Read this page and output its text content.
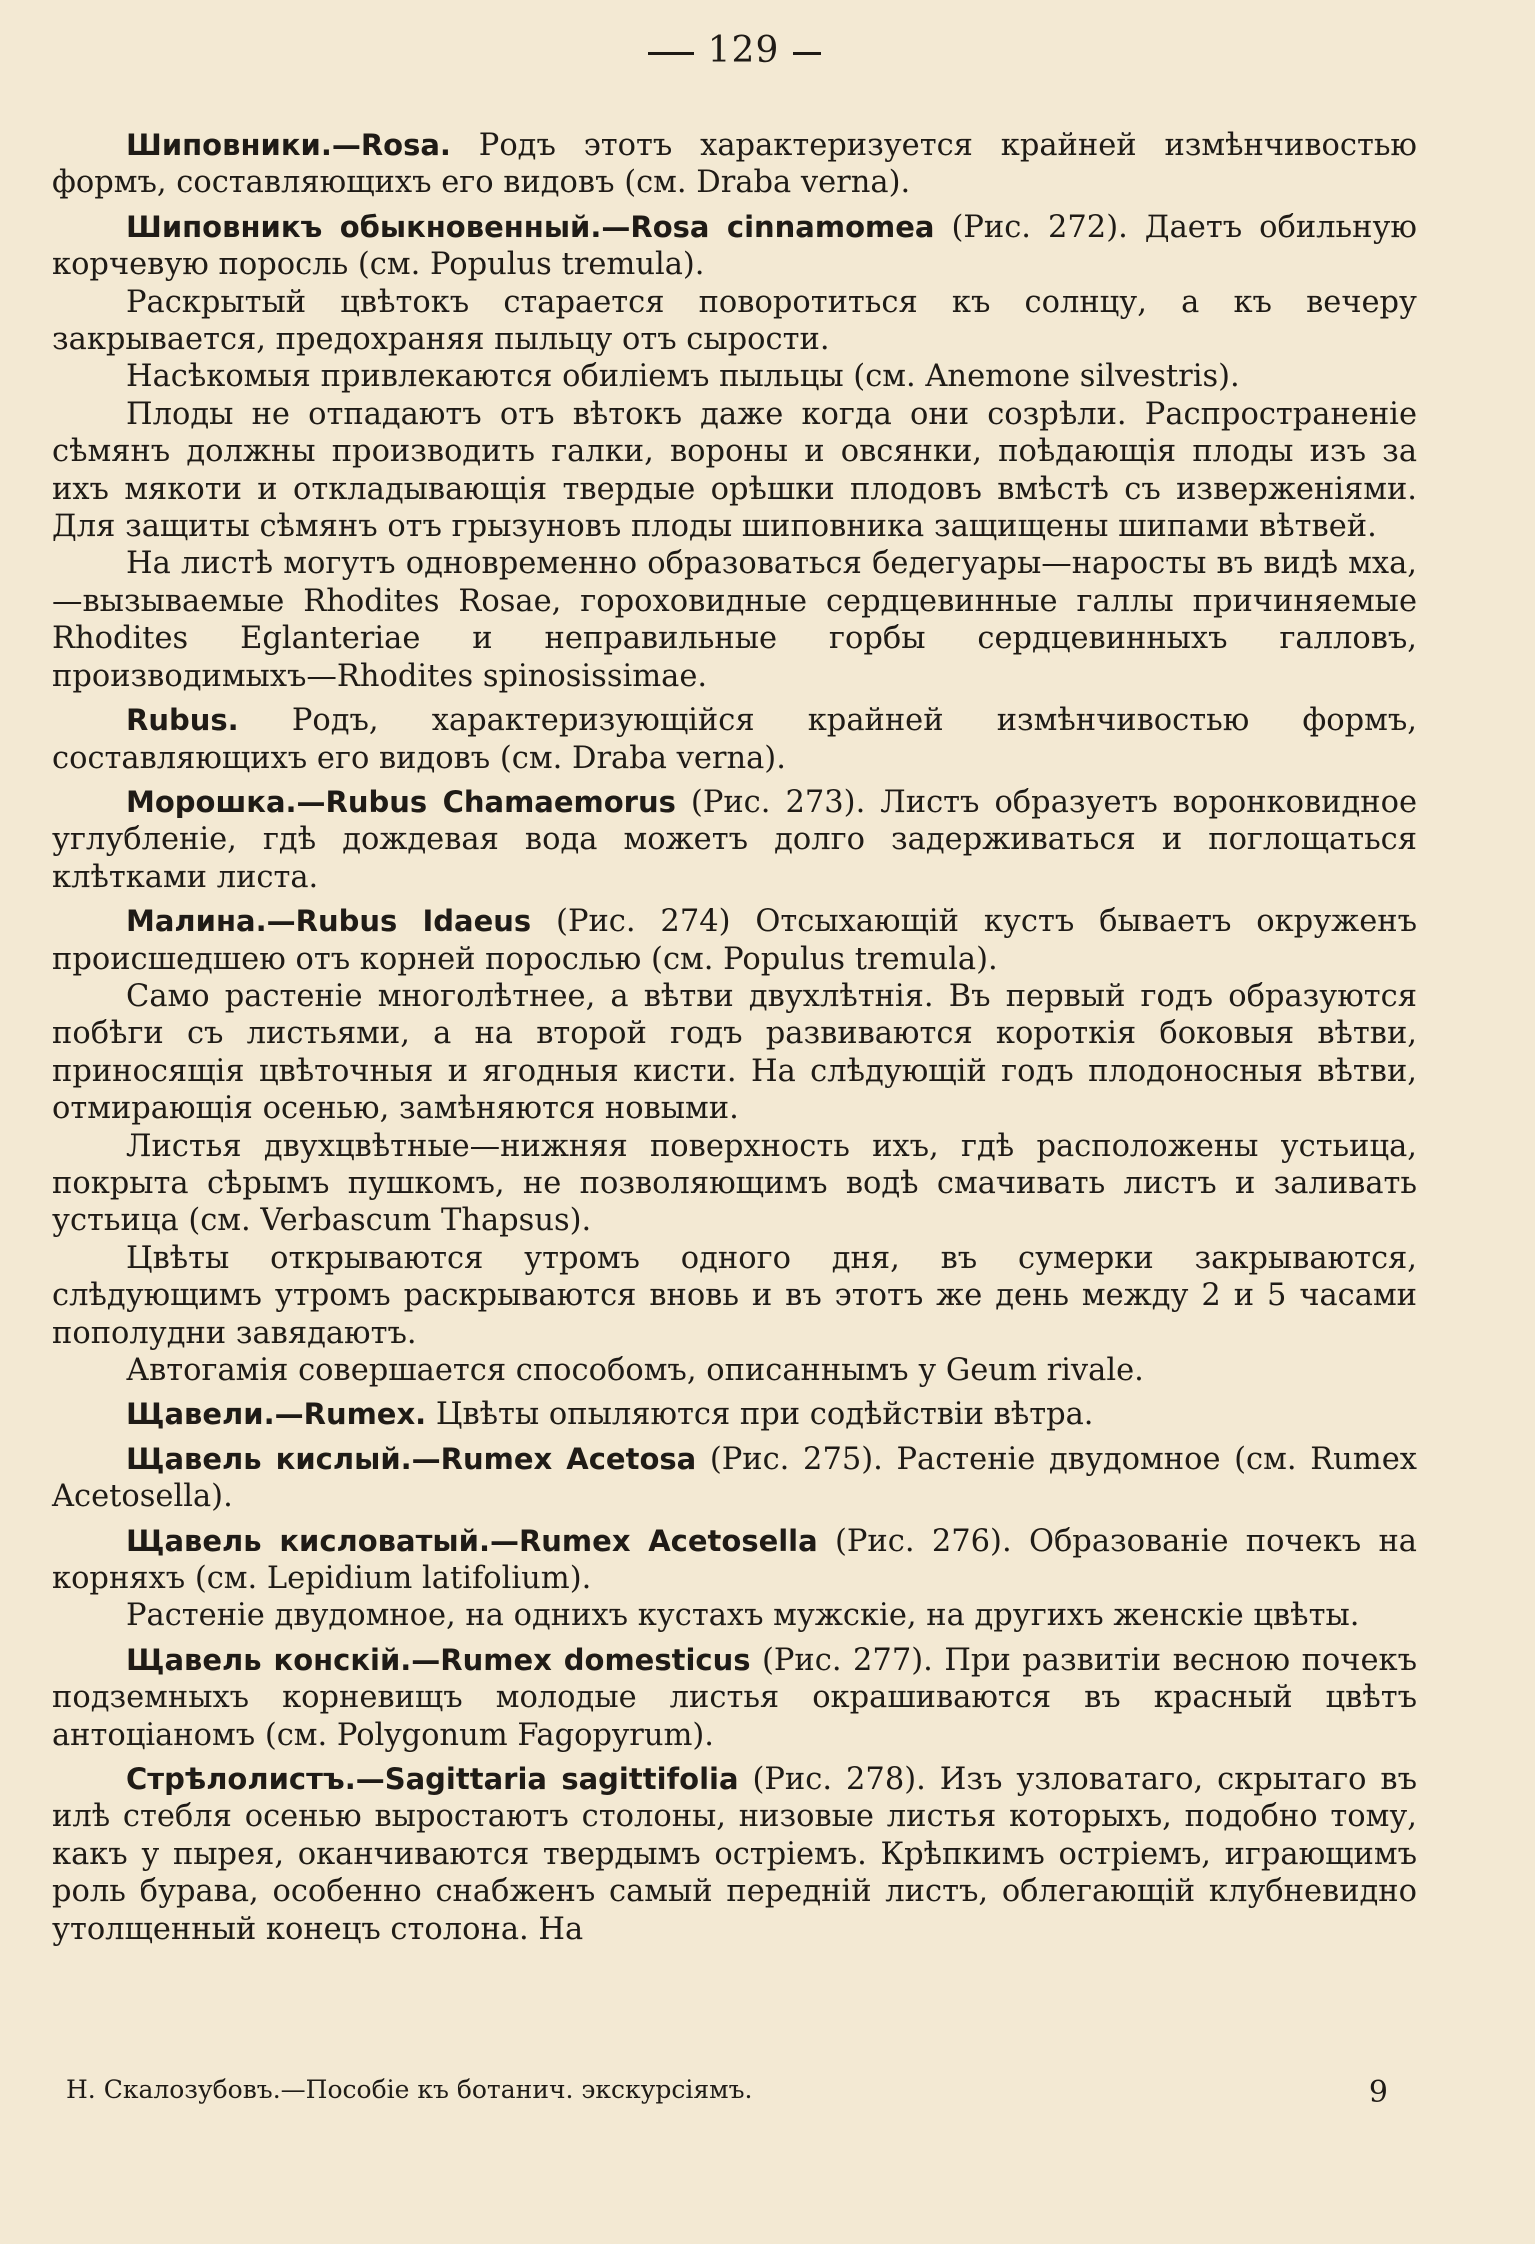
129

Шиповники.—Rosa. Родъ этотъ характеризуется крайней измѣнчивостью формъ, составляющихъ его видовъ (см. Draba verna).

Шиповникъ обыкновенный.—Rosa cinnamomea (Рис. 272). Даетъ обильную корчевую поросль (см. Populus tremula).

Раскрытый цвѣтокъ старается поворотиться къ солнцу, а къ вечеру закрывается, предохраняя пыльцу отъ сырости.

Насѣкомыя привлекаются обиліемъ пыльцы (см. Anemone silvestris).

Плоды не отпадаютъ отъ вѣтокъ даже когда они созрѣли. Распространеніе сѣмянъ должны производить галки, вороны и овсянки, поѣдающія плоды изъ за ихъ мякоти и откладывающія твердые орѣшки плодовъ вмѣстѣ съ изверженіями. Для защиты сѣмянъ отъ грызуновъ плоды шиповника защищены шипами вѣтвей.

На листѣ могутъ одновременно образоваться бедегуары—наросты въ видѣ мха,—вызываемые Rhodites Rosae, гороховидные сердцевинные галлы причиняемые Rhodites Eglanteriae и неправильные горбы сердцевинныхъ галловъ, производимыхъ—Rhodites spinosissimae.

Rubus. Родъ, характеризующійся крайней измѣнчивостью формъ, составляющихъ его видовъ (см. Draba verna).

Морошка.—Rubus Chamaemorus (Рис. 273). Листъ образуетъ воронковидное углубленіе, гдѣ дождевая вода можетъ долго задерживаться и поглощаться клѣтками листа.

Малина.—Rubus Idaeus (Рис. 274) Отсыхающій кустъ бываетъ окруженъ происшедшею отъ корней порослью (см. Populus tremula).

Само растеніе многолѣтнее, а вѣтви двухлѣтнія. Въ первый годъ образуются побѣги съ листьями, а на второй годъ развиваются короткія боковыя вѣтви, приносящія цвѣточныя и ягодныя кисти. На слѣдующій годъ плодоносныя вѣтви, отмирающія осенью, замѣняются новыми.

Листья двухцвѣтные—нижняя поверхность ихъ, гдѣ расположены устьица, покрыта сѣрымъ пушкомъ, не позволяющимъ водѣ смачивать листъ и заливать устьица (см. Verbascum Thapsus).

Цвѣты открываются утромъ одного дня, въ сумерки закрываются, слѣдующимъ утромъ раскрываются вновь и въ этотъ же день между 2 и 5 часами пополудни завядаютъ.

Автогамія совершается способомъ, описаннымъ у Geum rivale.

Щавели.—Rumex. Цвѣты опыляются при содѣйствіи вѣтра.

Щавель кислый.—Rumex Acetosa (Рис. 275). Растеніе двудомное (см. Rumex Acetosella).

Щавель кисловатый.—Rumex Acetosella (Рис. 276). Образованіе почекъ на корняхъ (см. Lepidium latifolium).

Растеніе двудомное, на однихъ кустахъ мужскіе, на другихъ женскіе цвѣты.

Щавель конскій.—Rumex domesticus (Рис. 277). При развитіи весною почекъ подземныхъ корневищъ молодые листья окрашиваются въ красный цвѣтъ антоціаномъ (см. Polygonum Fagopyrum).

Стрѣлолистъ.—Sagittaria sagittifolia (Рис. 278). Изъ узловатаго, скрытаго въ илѣ стебля осенью выростаютъ столоны, низовые листья которыхъ, подобно тому, какъ у пырея, оканчиваются твердымъ остріемъ. Крѣпкимъ остріемъ, играющимъ роль бурава, особенно снабженъ самый передній листъ, облегающій клубневидно утолщенный конецъ столона. На

Н. Скалозубовъ.—Пособіе къ ботанич. экскурсіямъ.	9
